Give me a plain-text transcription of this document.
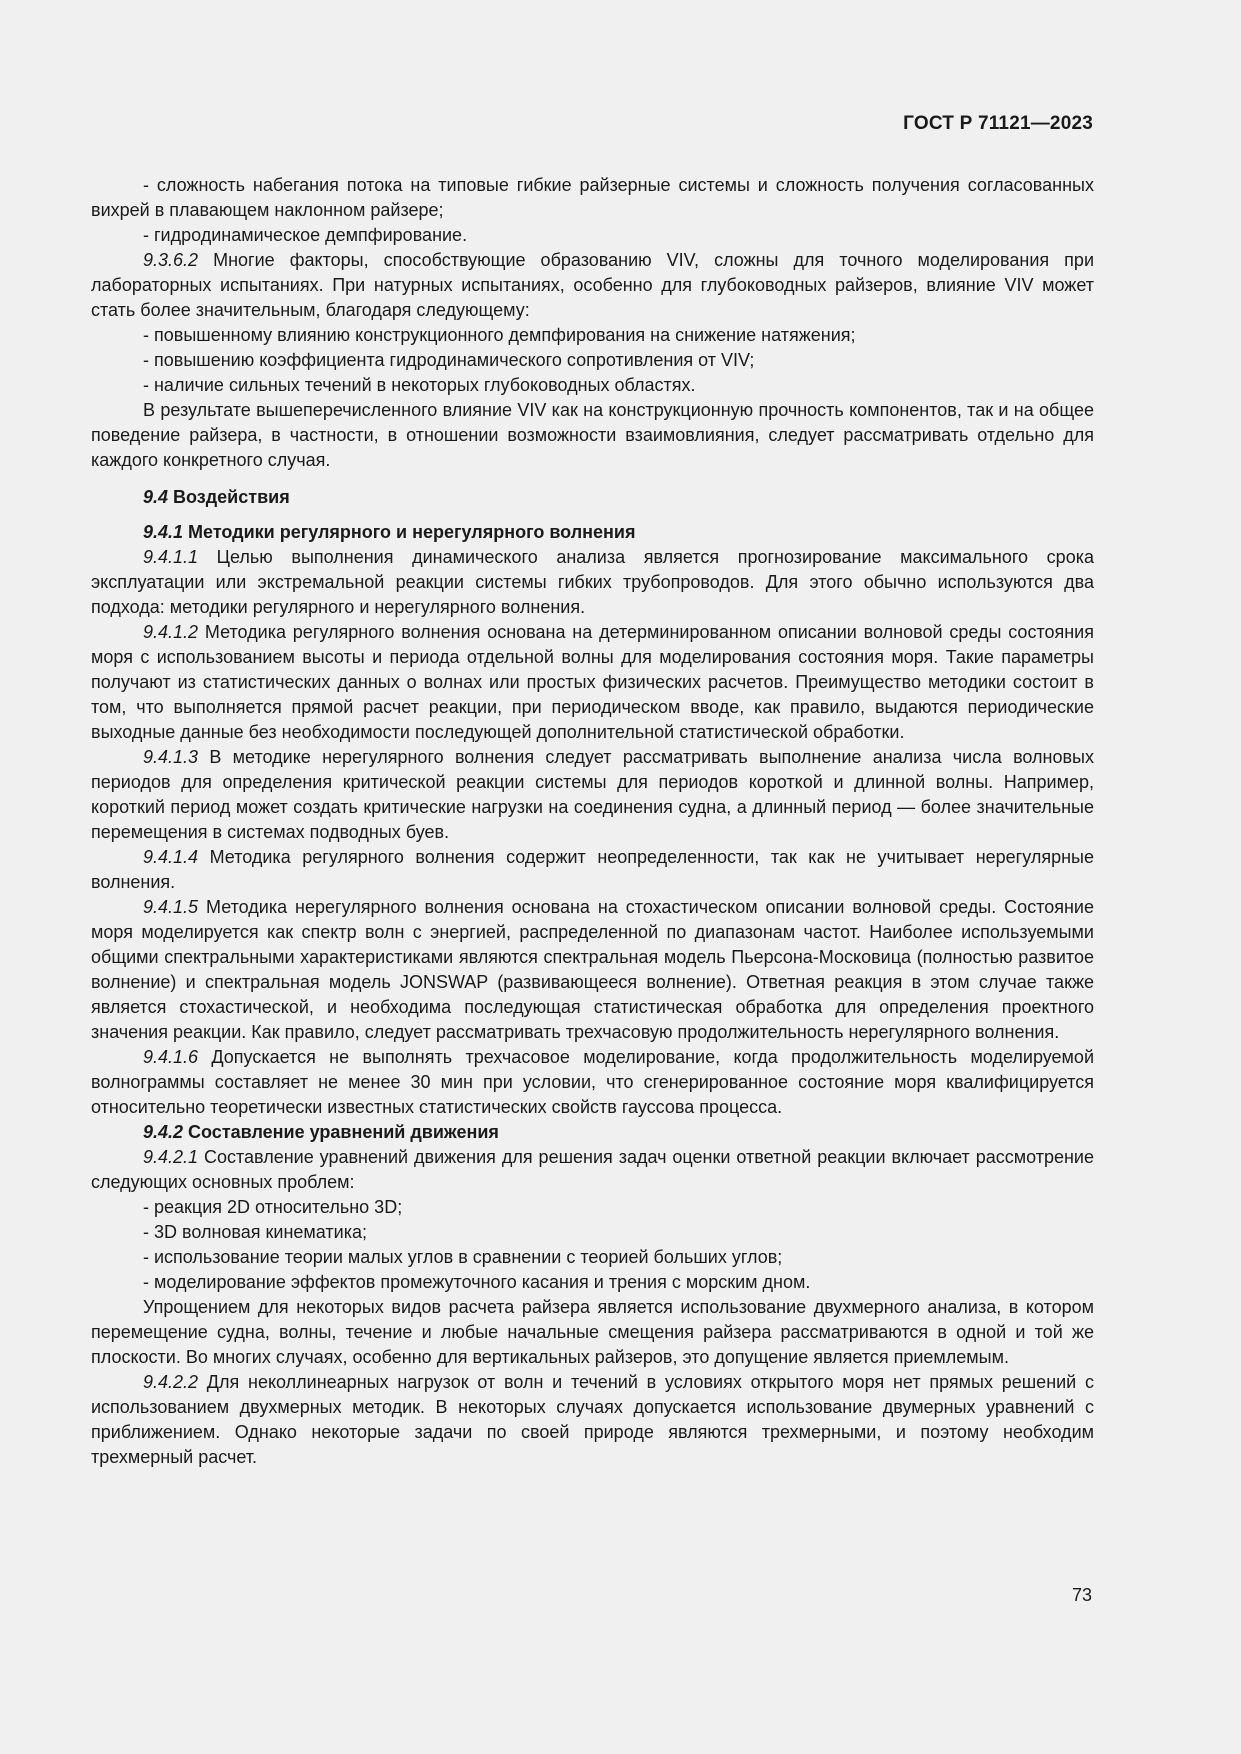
ГОСТ Р 71121—2023

- сложность набегания потока на типовые гибкие райзерные системы и сложность получения согласованных вихрей в плавающем наклонном райзере;

- гидродинамическое демпфирование.

9.3.6.2 Многие факторы, способствующие образованию VIV, сложны для точного моделирования при лабораторных испытаниях. При натурных испытаниях, особенно для глубоководных райзеров, влияние VIV может стать более значительным, благодаря следующему:

- повышенному влиянию конструкционного демпфирования на снижение натяжения;

- повышению коэффициента гидродинамического сопротивления от VIV;

- наличие сильных течений в некоторых глубоководных областях.

В результате вышеперечисленного влияние VIV как на конструкционную прочность компонентов, так и на общее поведение райзера, в частности, в отношении возможности взаимовлияния, следует рассматривать отдельно для каждого конкретного случая.

9.4 Воздействия

9.4.1 Методики регулярного и нерегулярного волнения

9.4.1.1 Целью выполнения динамического анализа является прогнозирование максимального срока эксплуатации или экстремальной реакции системы гибких трубопроводов. Для этого обычно используются два подхода: методики регулярного и нерегулярного волнения.

9.4.1.2 Методика регулярного волнения основана на детерминированном описании волновой среды состояния моря с использованием высоты и периода отдельной волны для моделирования состояния моря. Такие параметры получают из статистических данных о волнах или простых физических расчетов. Преимущество методики состоит в том, что выполняется прямой расчет реакции, при периодическом вводе, как правило, выдаются периодические выходные данные без необходимости последующей дополнительной статистической обработки.

9.4.1.3 В методике нерегулярного волнения следует рассматривать выполнение анализа числа волновых периодов для определения критической реакции системы для периодов короткой и длинной волны. Например, короткий период может создать критические нагрузки на соединения судна, а длинный период — более значительные перемещения в системах подводных буев.

9.4.1.4 Методика регулярного волнения содержит неопределенности, так как не учитывает нерегулярные волнения.

9.4.1.5 Методика нерегулярного волнения основана на стохастическом описании волновой среды. Состояние моря моделируется как спектр волн с энергией, распределенной по диапазонам частот. Наиболее используемыми общими спектральными характеристиками являются спектральная модель Пьерсона-Московица (полностью развитое волнение) и спектральная модель JONSWAP (развивающееся волнение). Ответная реакция в этом случае также является стохастической, и необходима последующая статистическая обработка для определения проектного значения реакции. Как правило, следует рассматривать трехчасовую продолжительность нерегулярного волнения.

9.4.1.6 Допускается не выполнять трехчасовое моделирование, когда продолжительность моделируемой волнограммы составляет не менее 30 мин при условии, что сгенерированное состояние моря квалифицируется относительно теоретически известных статистических свойств гауссова процесса.

9.4.2 Составление уравнений движения

9.4.2.1 Составление уравнений движения для решения задач оценки ответной реакции включает рассмотрение следующих основных проблем:

- реакция 2D относительно 3D;

- 3D волновая кинематика;

- использование теории малых углов в сравнении с теорией больших углов;

- моделирование эффектов промежуточного касания и трения с морским дном.

Упрощением для некоторых видов расчета райзера является использование двухмерного анализа, в котором перемещение судна, волны, течение и любые начальные смещения райзера рассматриваются в одной и той же плоскости. Во многих случаях, особенно для вертикальных райзеров, это допущение является приемлемым.

9.4.2.2 Для неколлинеарных нагрузок от волн и течений в условиях открытого моря нет прямых решений с использованием двухмерных методик. В некоторых случаях допускается использование двумерных уравнений с приближением. Однако некоторые задачи по своей природе являются трехмерными, и поэтому необходим трехмерный расчет.

73
